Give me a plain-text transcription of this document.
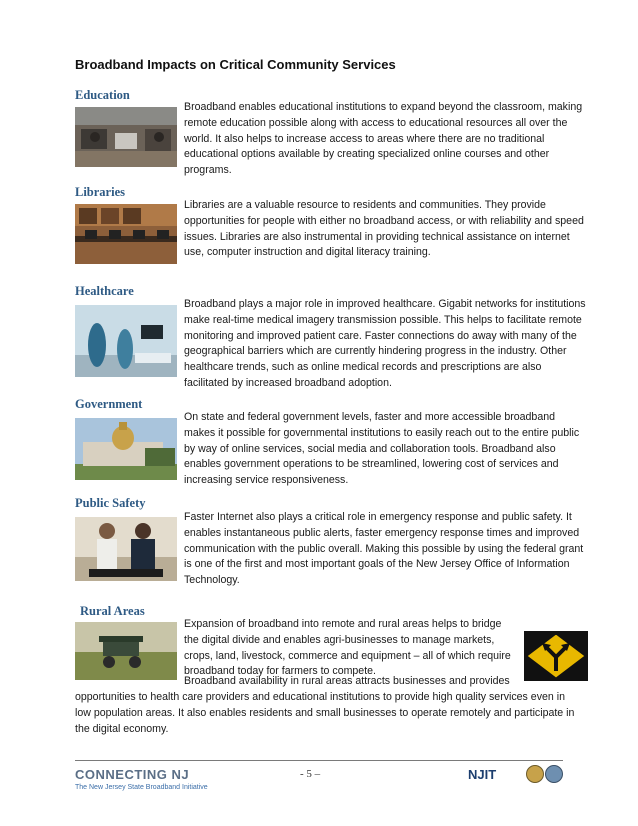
Broadband Impacts on Critical Community Services
Education
Broadband enables educational institutions to expand beyond the classroom, making remote education possible along with access to educational resources all over the world. It also helps to increase access to areas where there are no traditional educational options available by creating specialized online courses and other programs.
Libraries
Libraries are a valuable resource to residents and communities. They provide opportunities for people with either no broadband access, or with reliability and speed issues. Libraries are also instrumental in providing technical assistance on internet use, computer instruction and digital literacy training.
Healthcare
Broadband plays a major role in improved healthcare. Gigabit networks for institutions make real-time medical imagery transmission possible. This helps to facilitate remote monitoring and improved patient care. Faster connections do away with many of the geographical barriers which are currently hindering progress in the industry. Other healthcare trends, such as online medical records and prescriptions are also facilitated by increased broadband adoption.
Government
On state and federal government levels, faster and more accessible broadband makes it possible for governmental institutions to easily reach out to the entire public by way of online services, social media and collaboration tools. Broadband also enables government operations to be streamlined, lowering cost of services and increasing service responsiveness.
Public Safety
Faster Internet also plays a critical role in emergency response and public safety. It enables instantaneous public alerts, faster emergency response times and improved communication with the public overall. Making this possible by using the federal grant is one of the first and most important goals of the New Jersey Office of Information Technology.
Rural Areas
Expansion of broadband into remote and rural areas helps to bridge the digital divide and enables agri-businesses to manage markets, crops, land, livestock, commerce and equipment – all of which require broadband today for farmers to compete.
Broadband availability in rural areas attracts businesses and provides
opportunities to health care providers and educational institutions to provide high quality services even in low population areas. It also enables residents and small businesses to operate remotely and participate in the digital economy.
CONNECTING NJ
The New Jersey State Broadband Initiative
- 5 –	NJIT
